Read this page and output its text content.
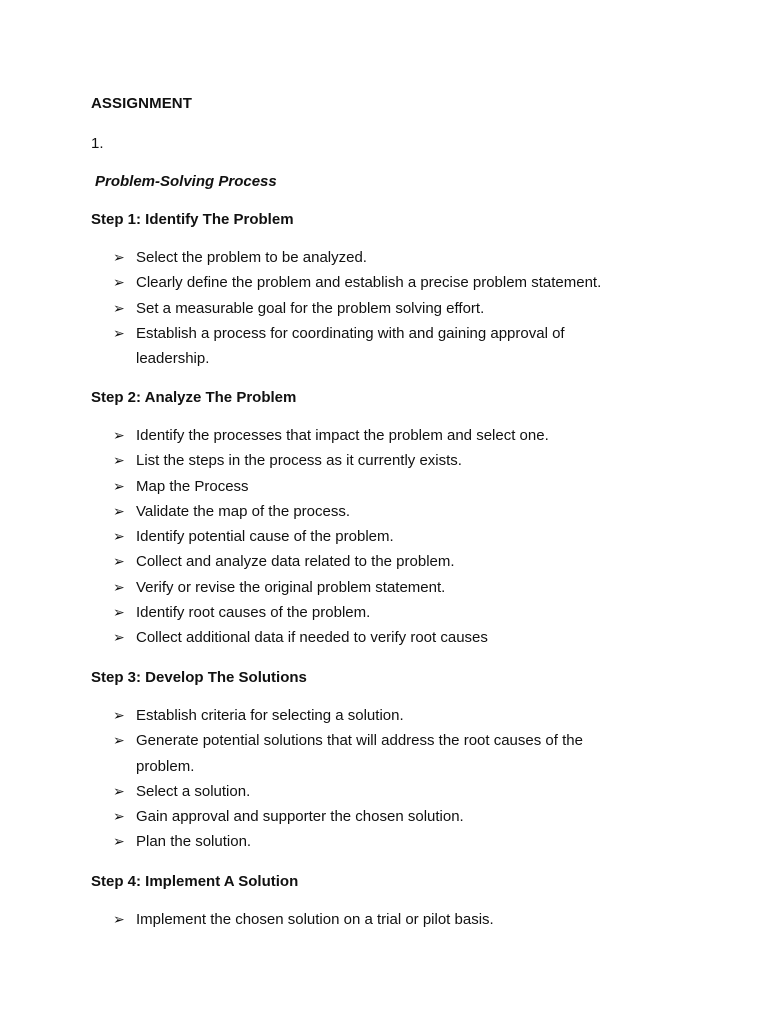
ASSIGNMENT
1.
Problem-Solving Process
Step 1: Identify The Problem
➢ Select the problem to be analyzed.
➢ Clearly define the problem and establish a precise problem statement.
➢ Set a measurable goal for the problem solving effort.
➢ Establish a process for coordinating with and gaining approval of leadership.
Step 2: Analyze The Problem
➢ Identify the processes that impact the problem and select one.
➢ List the steps in the process as it currently exists.
➢ Map the Process
➢ Validate the map of the process.
➢ Identify potential cause of the problem.
➢ Collect and analyze data related to the problem.
➢ Verify or revise the original problem statement.
➢ Identify root causes of the problem.
➢ Collect additional data if needed to verify root causes
Step 3: Develop The Solutions
➢ Establish criteria for selecting a solution.
➢ Generate potential solutions that will address the root causes of the problem.
➢ Select a solution.
➢ Gain approval and supporter the chosen solution.
➢ Plan the solution.
Step 4: Implement A Solution
➢ Implement the chosen solution on a trial or pilot basis.
